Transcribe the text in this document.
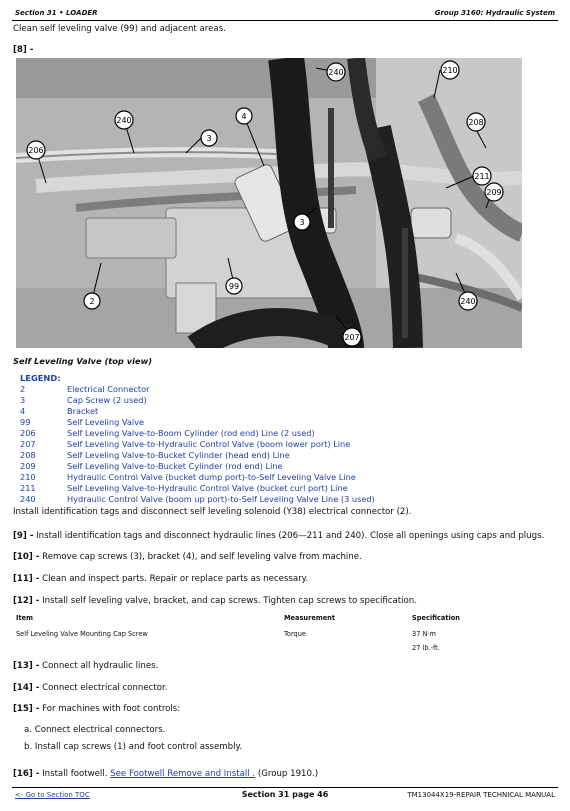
Section 31 • LOADER	Group 3160: Hydraulic System
Clean self leveling valve (99) and adjacent areas.
[8] -
240	210
240	4
3
208
206
211
209
3
99
2	240
207
Self Leveling Valve (top view)
LEGEND:
2	Electrical Connector
3	Cap Screw (2 used)
4	Bracket
99	Self Leveling Valve
206	Self Leveling Valve-to-Boom Cylinder (rod end) Line (2 used)
207	Self Leveling Valve-to-Hydraulic Control Valve (boom lower port) Line
208	Self Leveling Valve-to-Bucket Cylinder (head end) Line
209	Self Leveling Valve-to-Bucket Cylinder (rod end) Line
210	Hydraulic Control Valve (bucket dump port)-to-Self Leveling Valve Line
211	Self Leveling Valve-to-Hydraulic Control Valve (bucket curl port) Line
240	Hydraulic Control Valve (boom up port)-to-Self Leveling Valve Line (3 used)
Install identification tags and disconnect self leveling solenoid (Y38) electrical connector (2).
[9] - Install identification tags and disconnect hydraulic lines (206—211 and 240). Close all openings using caps and plugs.
[10] - Remove cap screws (3), bracket (4), and self leveling valve from machine.
[11] - Clean and inspect parts. Repair or replace parts as necessary.
[12] - Install self leveling valve, bracket, and cap screws. Tighten cap screws to specification.
Item	Measurement	Specification
Self Leveling Valve Mounting Cap Screw	Torque	37 N·m
27 lb.-ft.
[13] - Connect all hydraulic lines.
[14] - Connect electrical connector.
[15] - For machines with foot controls:
a. Connect electrical connectors.
b. Install cap screws (1) and foot control assembly.
[16] - Install footwell. See Footwell Remove and Install . (Group 1910.)
<- Go to Section TOC	Section 31 page 46	TM13044X19-REPAIR TECHNICAL MANUAL
